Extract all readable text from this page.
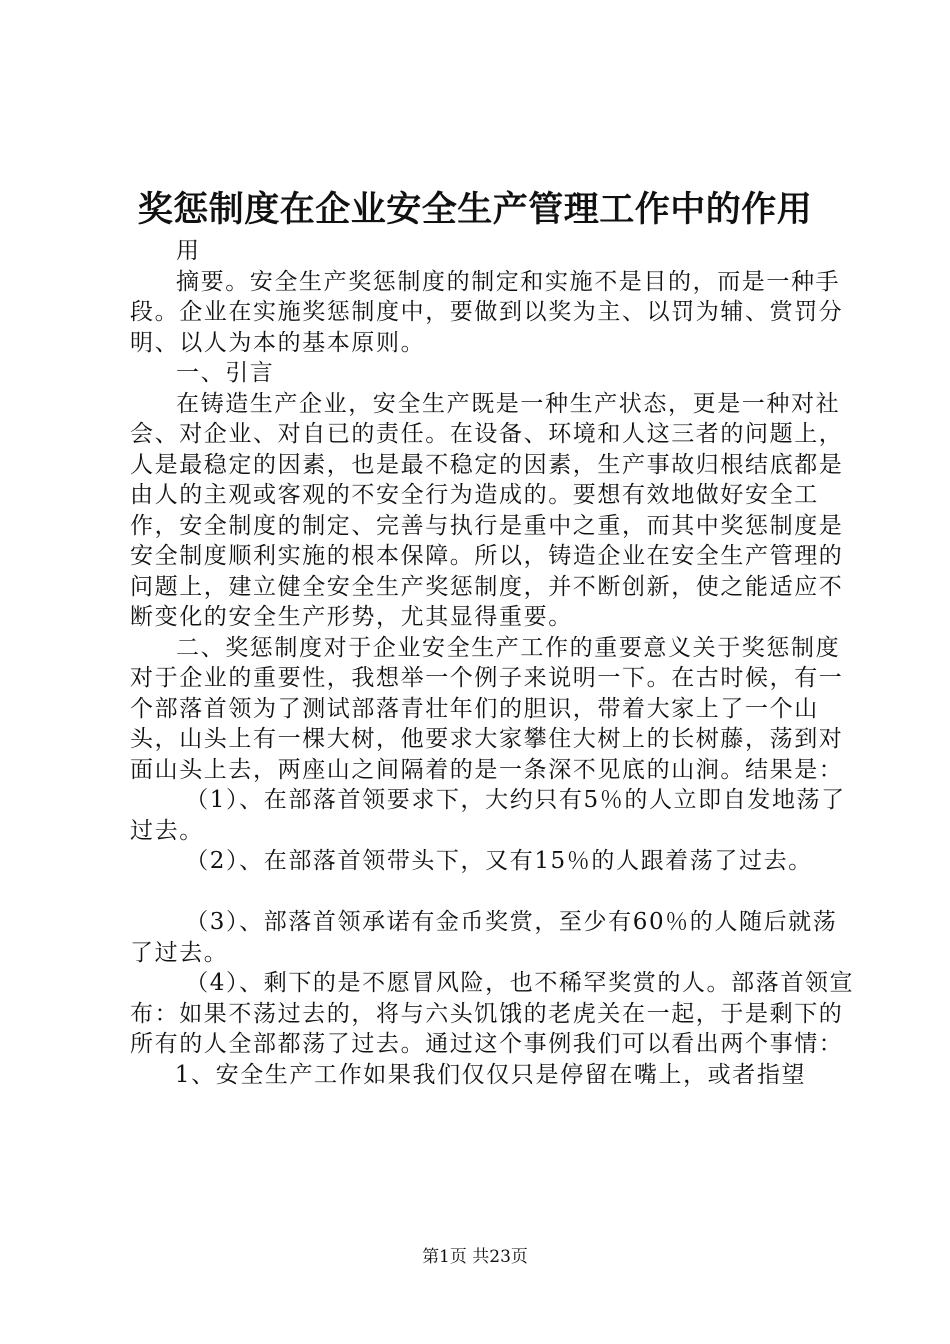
奖惩制度在企业安全生产管理工作中的作用

用

摘要。安全生产奖惩制度的制定和实施不是目的，而是一种手段。企业在实施奖惩制度中，要做到以奖为主、以罚为辅、赏罚分明、以人为本的基本原则。

一、引言

在铸造生产企业，安全生产既是一种生产状态，更是一种对社会、对企业、对自已的责任。在设备、环境和人这三者的问题上，人是最稳定的因素，也是最不稳定的因素，生产事故归根结底都是由人的主观或客观的不安全行为造成的。要想有效地做好安全工作，安全制度的制定、完善与执行是重中之重，而其中奖惩制度是安全制度顺利实施的根本保障。所以，铸造企业在安全生产管理的问题上，建立健全安全生产奖惩制度，并不断创新，使之能适应不断变化的安全生产形势，尤其显得重要。

二、奖惩制度对于企业安全生产工作的重要意义关于奖惩制度对于企业的重要性，我想举一个例子来说明一下。在古时候，有一个部落首领为了测试部落青壮年们的胆识，带着大家上了一个山头，山头上有一棵大树，他要求大家攀住大树上的长树藤，荡到对面山头上去，两座山之间隔着的是一条深不见底的山涧。结果是：

（1）、在部落首领要求下，大约只有5％的人立即自发地荡了过去。

（2）、在部落首领带头下，又有15％的人跟着荡了过去。

（3）、部落首领承诺有金币奖赏，至少有60％的人随后就荡了过去。

（4）、剩下的是不愿冒风险，也不稀罕奖赏的人。部落首领宣布：如果不荡过去的，将与六头饥饿的老虎关在一起，于是剩下的所有的人全部都荡了过去。通过这个事例我们可以看出两个事情：

1、安全生产工作如果我们仅仅只是停留在嘴上，或者指望

第1页 共23页
